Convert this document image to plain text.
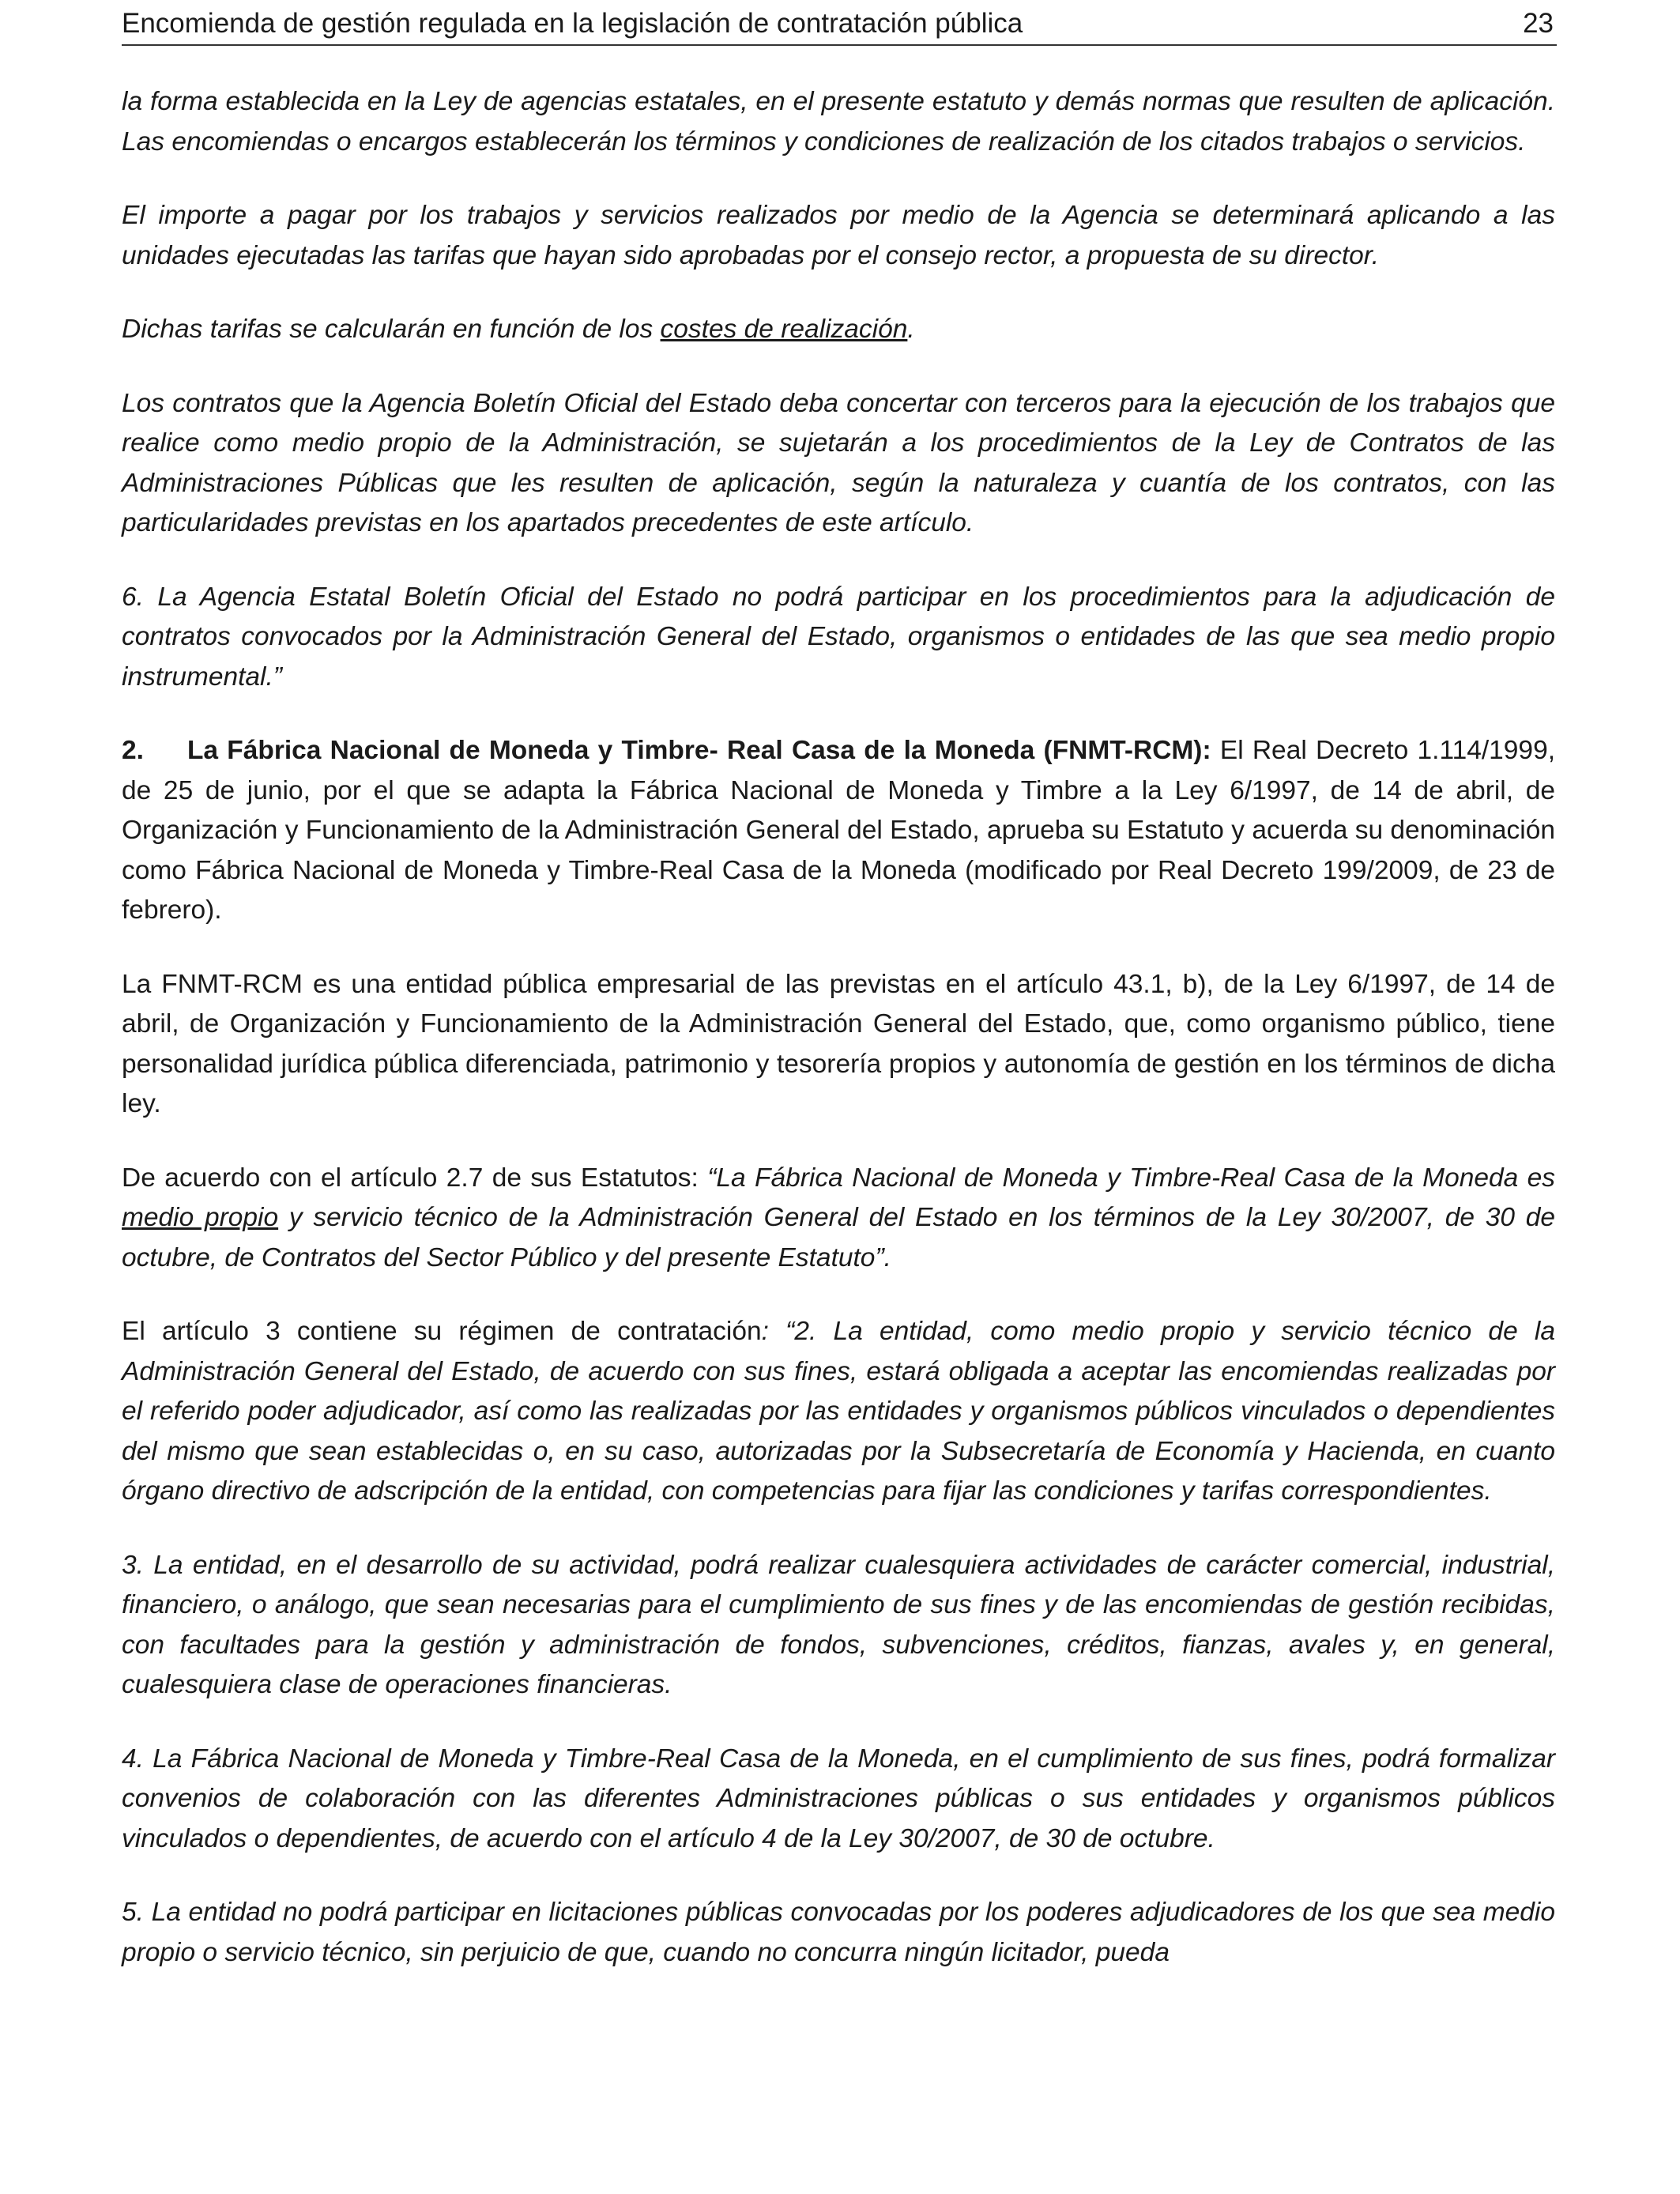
Encomienda de gestión regulada en la legislación de contratación pública	23

la forma establecida en la Ley de agencias estatales, en el presente estatuto y demás normas que resulten de aplicación. Las encomiendas o encargos establecerán los términos y condiciones de realización de los citados trabajos o servicios.

El importe a pagar por los trabajos y servicios realizados por medio de la Agencia se determinará aplicando a las unidades ejecutadas las tarifas que hayan sido aprobadas por el consejo rector, a propuesta de su director.

Dichas tarifas se calcularán en función de los costes de realización.

Los contratos que la Agencia Boletín Oficial del Estado deba concertar con terceros para la ejecución de los trabajos que realice como medio propio de la Administración, se sujetarán a los procedimientos de la Ley de Contratos de las Administraciones Públicas que les resulten de aplicación, según la naturaleza y cuantía de los contratos, con las particularidades previstas en los apartados precedentes de este artículo.

6. La Agencia Estatal Boletín Oficial del Estado no podrá participar en los procedimientos para la adjudicación de contratos convocados por la Administración General del Estado, organismos o entidades de las que sea medio propio instrumental.”

2. La Fábrica Nacional de Moneda y Timbre- Real Casa de la Moneda (FNMT-RCM): El Real Decreto 1.114/1999, de 25 de junio, por el que se adapta la Fábrica Nacional de Moneda y Timbre a la Ley 6/1997, de 14 de abril, de Organización y Funcionamiento de la Administración General del Estado, aprueba su Estatuto y acuerda su denominación como Fábrica Nacional de Moneda y Timbre-Real Casa de la Moneda (modificado por Real Decreto 199/2009, de 23 de febrero).

La FNMT-RCM es una entidad pública empresarial de las previstas en el artículo 43.1, b), de la Ley 6/1997, de 14 de abril, de Organización y Funcionamiento de la Administración General del Estado, que, como organismo público, tiene personalidad jurídica pública diferenciada, patrimonio y tesorería propios y autonomía de gestión en los términos de dicha ley.

De acuerdo con el artículo 2.7 de sus Estatutos: “La Fábrica Nacional de Moneda y Timbre-Real Casa de la Moneda es medio propio y servicio técnico de la Administración General del Estado en los términos de la Ley 30/2007, de 30 de octubre, de Contratos del Sector Público y del presente Estatuto”.

El artículo 3 contiene su régimen de contratación: “2. La entidad, como medio propio y servicio técnico de la Administración General del Estado, de acuerdo con sus fines, estará obligada a aceptar las encomiendas realizadas por el referido poder adjudicador, así como las realizadas por las entidades y organismos públicos vinculados o dependientes del mismo que sean establecidas o, en su caso, autorizadas por la Subsecretaría de Economía y Hacienda, en cuanto órgano directivo de adscripción de la entidad, con competencias para fijar las condiciones y tarifas correspondientes.

3. La entidad, en el desarrollo de su actividad, podrá realizar cualesquiera actividades de carácter comercial, industrial, financiero, o análogo, que sean necesarias para el cumplimiento de sus fines y de las encomiendas de gestión recibidas, con facultades para la gestión y administración de fondos, subvenciones, créditos, fianzas, avales y, en general, cualesquiera clase de operaciones financieras.

4. La Fábrica Nacional de Moneda y Timbre-Real Casa de la Moneda, en el cumplimiento de sus fines, podrá formalizar convenios de colaboración con las diferentes Administraciones públicas o sus entidades y organismos públicos vinculados o dependientes, de acuerdo con el artículo 4 de la Ley 30/2007, de 30 de octubre.

5. La entidad no podrá participar en licitaciones públicas convocadas por los poderes adjudicadores de los que sea medio propio o servicio técnico, sin perjuicio de que, cuando no concurra ningún licitador, pueda
